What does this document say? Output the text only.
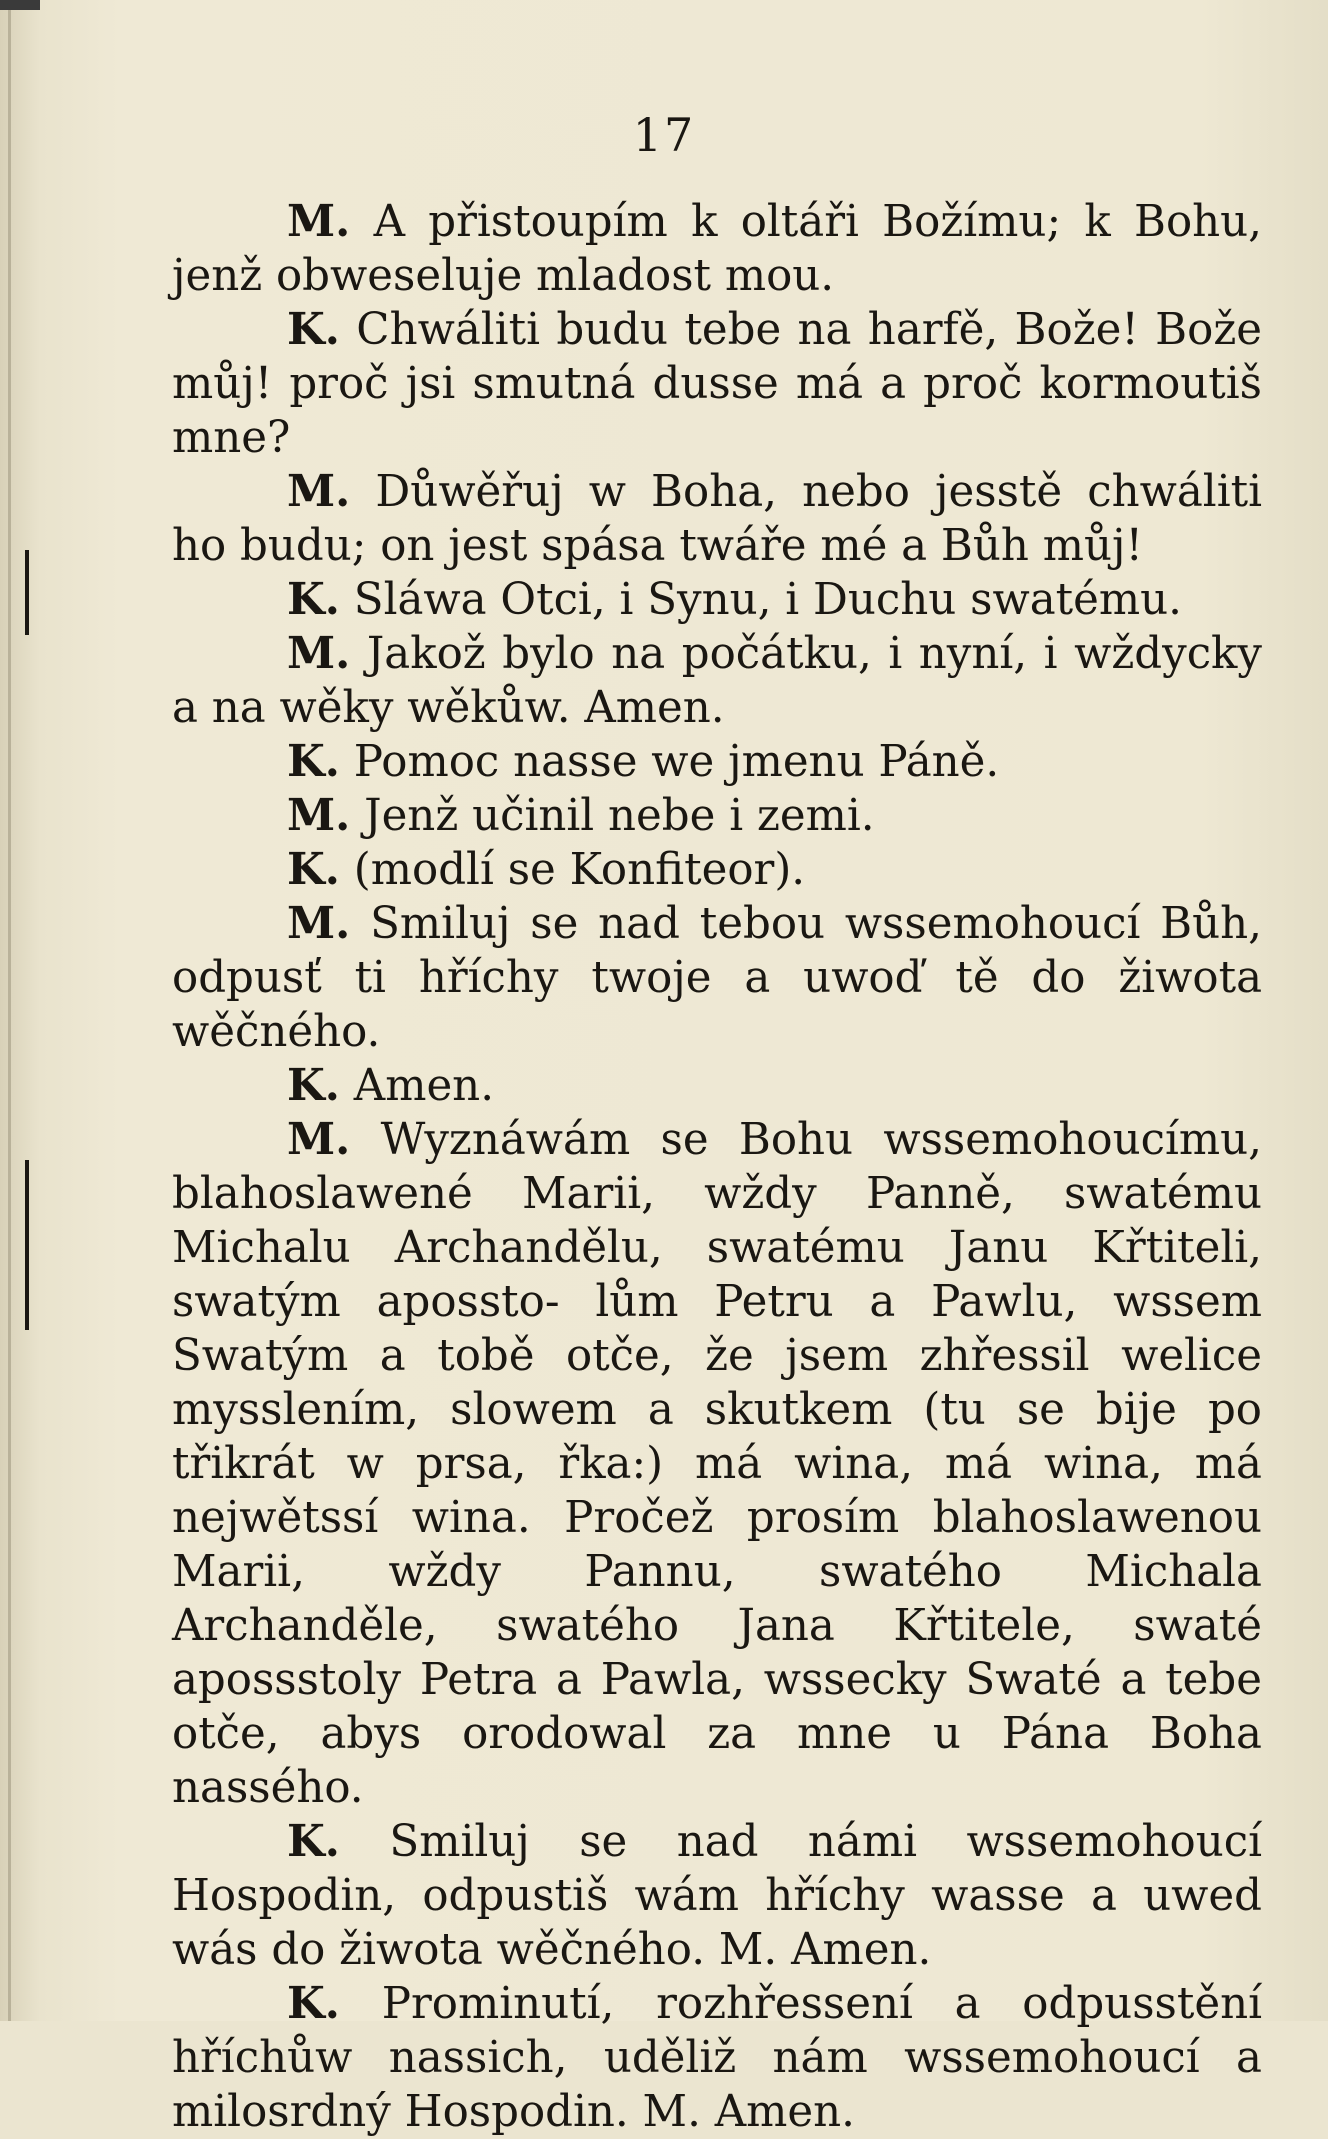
17

M. A přistoupím k oltáři Božímu; k Bohu, jenž obweseluje mladost mou.

K. Chwáliti budu tebe na harfě, Bože! Bože můj! proč jsi smutná dusse má a proč kormoutiš mne?

M. Důwěřuj w Boha, nebo jesstě chwáliti ho budu; on jest spása twáře mé a Bůh můj!

K. Sláwa Otci, i Synu, i Duchu swatému.

M. Jakož bylo na počátku, i nyní, i wždycky a na wěky wěkůw. Amen.

K. Pomoc nasse we jmenu Páně.

M. Jenž učinil nebe i zemi.

K. (modlí se Konfiteor).

M. Smiluj se nad tebou wssemohoucí Bůh, odpusť ti hříchy twoje a uwoď tě do žiwota wěčného.

K. Amen.

M. Wyznáwám se Bohu wssemohoucímu, blahoslawené Marii, wždy Panně, swatému Michalu Archandělu, swatému Janu Křtiteli, swatým apossto- lům Petru a Pawlu, wssem Swatým a tobě otče, že jsem zhřessil welice mysslením, slowem a skutkem (tu se bije po třikrát w prsa, řka:) má wina, má wina, má nejwětssí wina. Pročež prosím blahoslawenou Marii, wždy Pannu, swatého Michala Archanděle, swatého Jana Křtitele, swaté apossstoly Petra a Pawla, wssecky Swaté a tebe otče, abys orodowal za mne u Pána Boha nassého.

K. Smiluj se nad námi wssemohoucí Hospodin, odpustiš wám hříchy wasse a uwed wás do žiwota wěčného. M. Amen.

K. Prominutí, rozhřessení a odpusstění hříchůw nassich, uděliž nám wssemohoucí a milosrdný Hospodin. M. Amen.
